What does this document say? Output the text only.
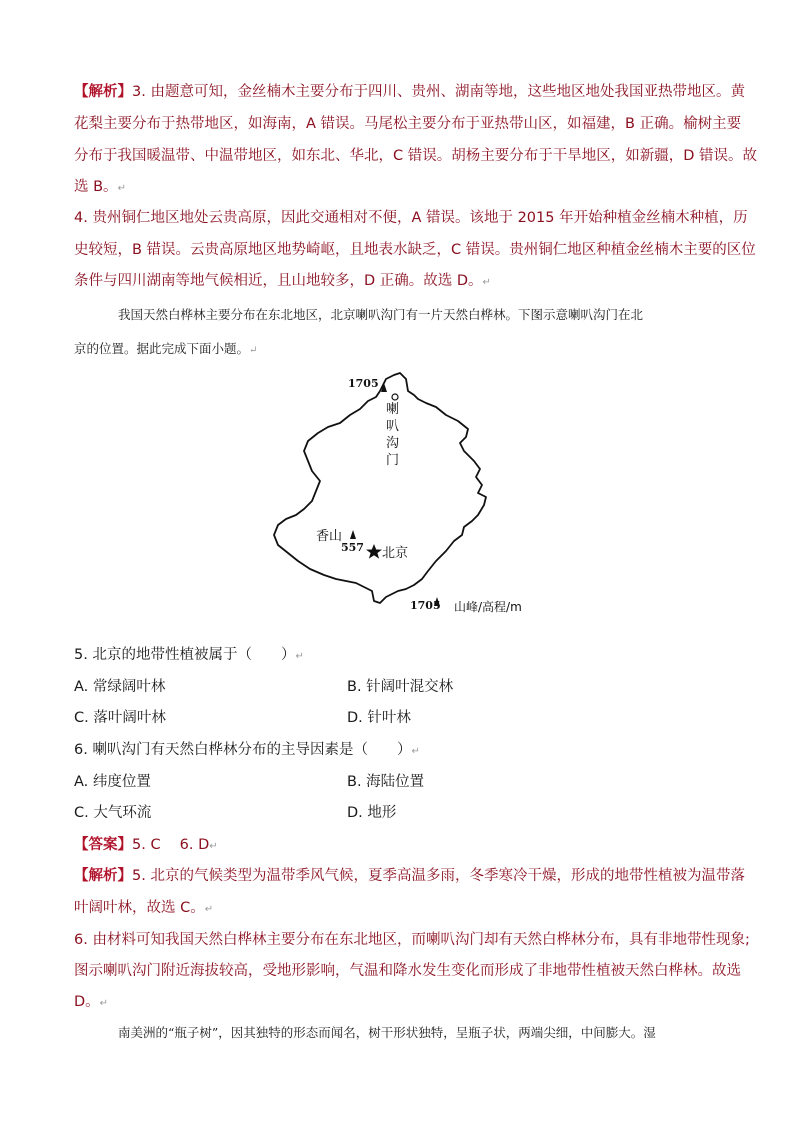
【解析】3. 由题意可知，金丝楠木主要分布于四川、贵州、湖南等地，这些地区地处我国亚热带地区。黄
花梨主要分布于热带地区，如海南，A 错误。马尾松主要分布于亚热带山区，如福建，B 正确。榆树主要
分布于我国暖温带、中温带地区，如东北、华北，C 错误。胡杨主要分布于干旱地区，如新疆，D 错误。故
选 B。↵
4. 贵州铜仁地区地处云贵高原，因此交通相对不便，A 错误。该地于 2015 年开始种植金丝楠木种植，历
史较短，B 错误。云贵高原地区地势崎岖，且地表水缺乏，C 错误。贵州铜仁地区种植金丝楠木主要的区位
条件与四川湖南等地气候相近，且山地较多，D 正确。故选 D。↵
我国天然白桦林主要分布在东北地区，北京喇叭沟门有一片天然白桦林。下图示意喇叭沟门在北
京的位置。据此完成下面小题。↵
1705
喇叭沟门
香山
557 北京
1705 山峰/高程/m
5. 北京的地带性植被属于（　　）↵
A. 常绿阔叶林	B. 针阔叶混交林
C. 落叶阔叶林	D. 针叶林
6. 喇叭沟门有天然白桦林分布的主导因素是（　　）↵
A. 纬度位置	B. 海陆位置
C. 大气环流	D. 地形
【答案】5. C　 6. D↵
【解析】5. 北京的气候类型为温带季风气候，夏季高温多雨，冬季寒冷干燥，形成的地带性植被为温带落
叶阔叶林，故选 C。↵
6. 由材料可知我国天然白桦林主要分布在东北地区，而喇叭沟门却有天然白桦林分布，具有非地带性现象;
图示喇叭沟门附近海拔较高，受地形影响，气温和降水发生变化而形成了非地带性植被天然白桦林。故选
D。↵
南美洲的“瓶子树”，因其独特的形态而闻名，树干形状独特，呈瓶子状，两端尖细，中间膨大。湿
